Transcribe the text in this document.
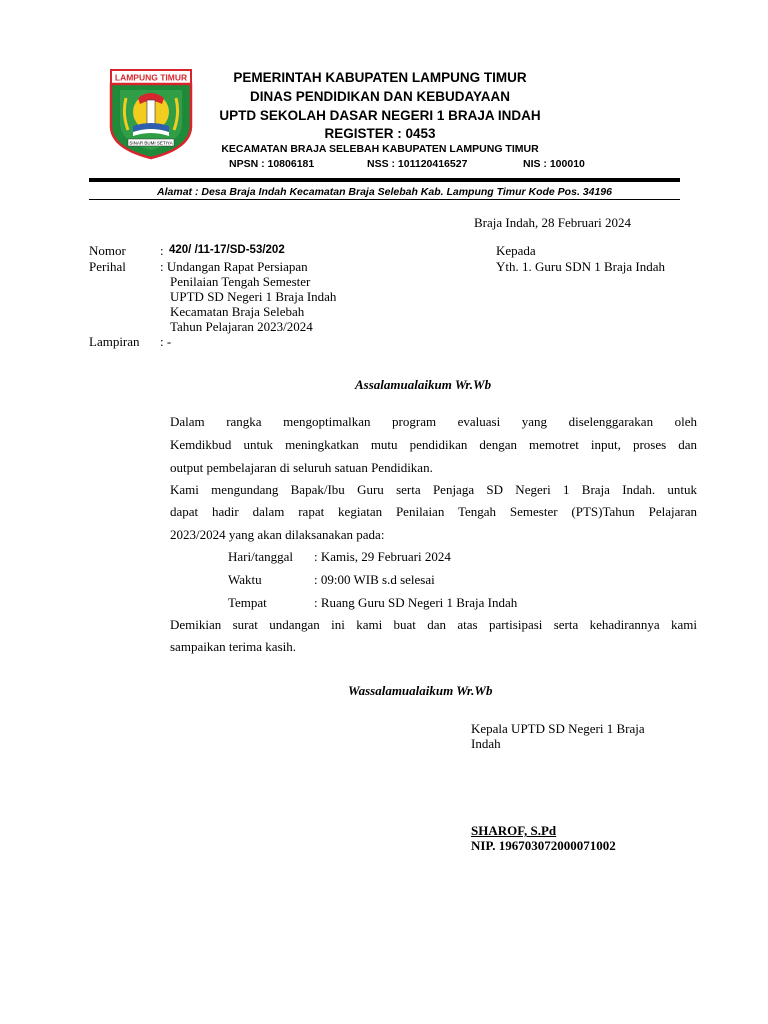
LAMPUNG TIMUR
SINAR BUMI SETIYA
PEMERINTAH KABUPATEN LAMPUNG TIMUR
DINAS PENDIDIKAN DAN KEBUDAYAAN
UPTD SEKOLAH DASAR NEGERI 1 BRAJA INDAH
REGISTER : 0453
KECAMATAN BRAJA SELEBAH KABUPATEN LAMPUNG TIMUR
NPSN : 10806181	NSS : 101120416527	NIS : 100010
Alamat : Desa Braja Indah Kecamatan Braja Selebah Kab. Lampung Timur Kode Pos. 34196
Braja Indah, 28 Februari 2024
Nomor	: 420/ /11-17/SD-53/202
Perihal	: Undangan Rapat Persiapan
Penilaian Tengah Semester
UPTD SD Negeri 1 Braja Indah
Kecamatan Braja Selebah
Tahun Pelajaran 2023/2024
Lampiran : -
Kepada
Yth. 1. Guru SDN 1 Braja Indah
Assalamualaikum Wr.Wb
Dalam rangka mengoptimalkan program evaluasi yang diselenggarakan oleh
Kemdikbud untuk meningkatkan mutu pendidikan dengan memotret input, proses dan
output pembelajaran di seluruh satuan Pendidikan.
Kami mengundang Bapak/Ibu Guru serta Penjaga SD Negeri 1 Braja Indah. untuk
dapat hadir dalam rapat kegiatan Penilaian Tengah Semester (PTS)Tahun Pelajaran
2023/2024 yang akan dilaksanakan pada:
Hari/tanggal : Kamis, 29 Februari 2024
Waktu	: 09:00 WIB s.d selesai
Tempat	: Ruang Guru SD Negeri 1 Braja Indah
Demikian surat undangan ini kami buat dan atas partisipasi serta kehadirannya kami
sampaikan terima kasih.
Wassalamualaikum Wr.Wb
Kepala UPTD SD Negeri 1 Braja
Indah
SHAROF, S.Pd
NIP. 196703072000071002
